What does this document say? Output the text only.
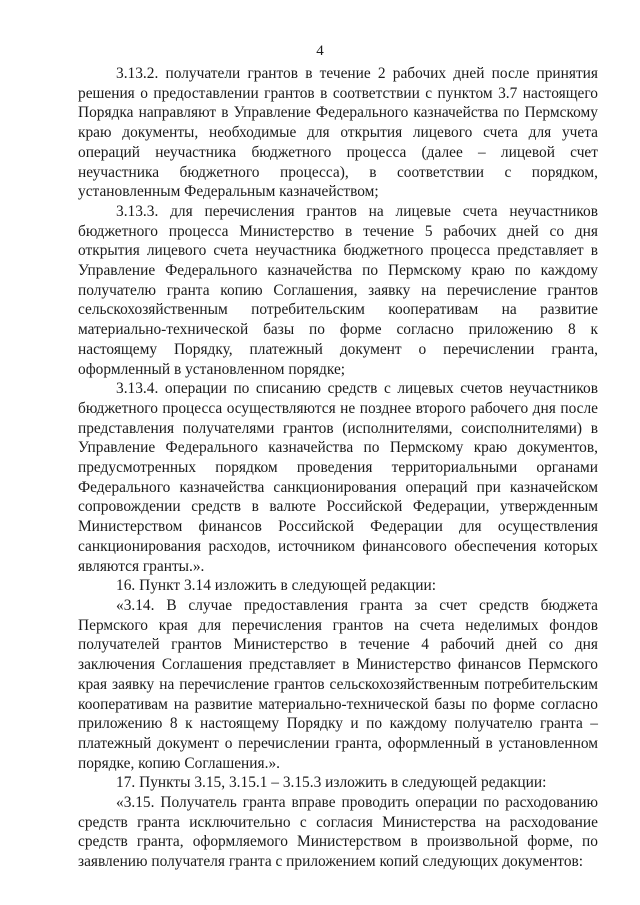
4

3.13.2. получатели грантов в течение 2 рабочих дней после принятия решения о предоставлении грантов в соответствии с пунктом 3.7 настоящего Порядка направляют в Управление Федерального казначейства по Пермскому краю документы, необходимые для открытия лицевого счета для учета операций неучастника бюджетного процесса (далее – лицевой счет неучастника бюджетного процесса), в соответствии с порядком, установленным Федеральным казначейством;

3.13.3. для перечисления грантов на лицевые счета неучастников бюджетного процесса Министерство в течение 5 рабочих дней со дня открытия лицевого счета неучастника бюджетного процесса представляет в Управление Федерального казначейства по Пермскому краю по каждому получателю гранта копию Соглашения, заявку на перечисление грантов сельскохозяйственным потребительским кооперативам на развитие материально-технической базы по форме согласно приложению 8 к настоящему Порядку, платежный документ о перечислении гранта, оформленный в установленном порядке;

3.13.4. операции по списанию средств с лицевых счетов неучастников бюджетного процесса осуществляются не позднее второго рабочего дня после представления получателями грантов (исполнителями, соисполнителями) в Управление Федерального казначейства по Пермскому краю документов, предусмотренных порядком проведения территориальными органами Федерального казначейства санкционирования операций при казначейском сопровождении средств в валюте Российской Федерации, утвержденным Министерством финансов Российской Федерации для осуществления санкционирования расходов, источником финансового обеспечения которых являются гранты.».

16. Пункт 3.14 изложить в следующей редакции:

«3.14. В случае предоставления гранта за счет средств бюджета Пермского края для перечисления грантов на счета неделимых фондов получателей грантов Министерство в течение 4 рабочий дней со дня заключения Соглашения представляет в Министерство финансов Пермского края заявку на перечисление грантов сельскохозяйственным потребительским кооперативам на развитие материально-технической базы по форме согласно приложению 8 к настоящему Порядку и по каждому получателю гранта – платежный документ о перечислении гранта, оформленный в установленном порядке, копию Соглашения.».

17. Пункты 3.15, 3.15.1 – 3.15.3 изложить в следующей редакции:

«3.15. Получатель гранта вправе проводить операции по расходованию средств гранта исключительно с согласия Министерства на расходование средств гранта, оформляемого Министерством в произвольной форме, по заявлению получателя гранта с приложением копий следующих документов:
